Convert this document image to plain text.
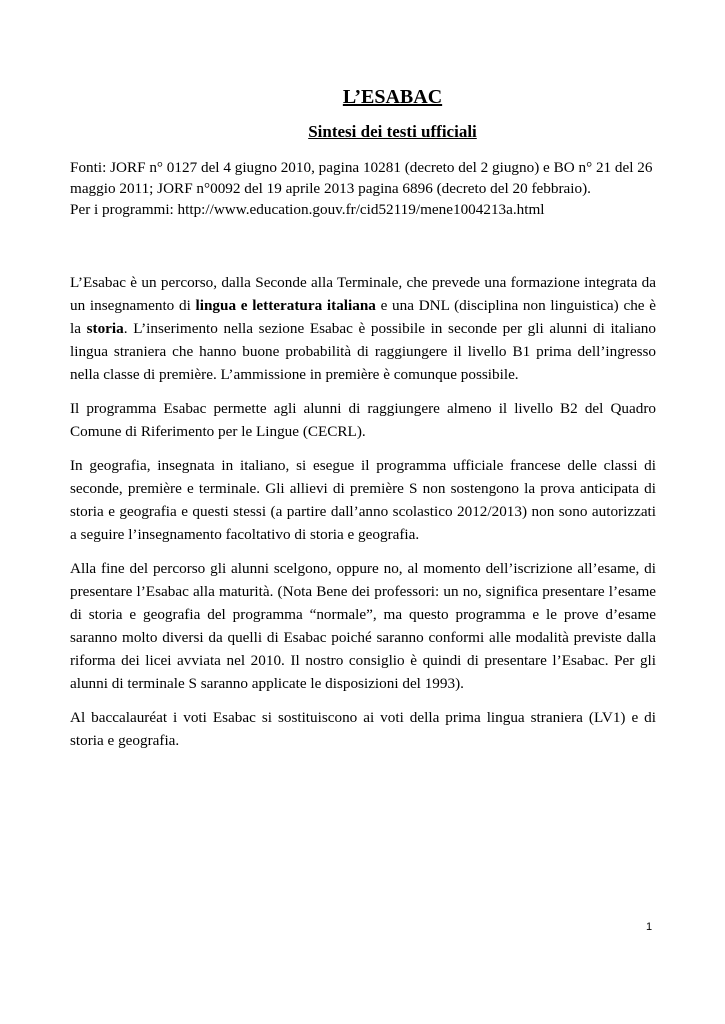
L’ESABAC
Sintesi dei testi ufficiali
Fonti: JORF n° 0127 del 4 giugno 2010, pagina 10281 (decreto del 2 giugno) e BO n° 21 del 26 maggio 2011; JORF n°0092 del 19 aprile 2013 pagina 6896 (decreto del 20 febbraio).
Per i programmi: http://www.education.gouv.fr/cid52119/mene1004213a.html

L’Esabac è un percorso, dalla Seconde alla Terminale, che prevede una formazione integrata da un insegnamento di lingua e letteratura italiana e una DNL (disciplina non linguistica) che è la storia. L’inserimento nella sezione Esabac è possibile in seconde per gli alunni di italiano lingua straniera che hanno buone probabilità di raggiungere il livello B1 prima dell’ingresso nella classe di première. L’ammissione in première è comunque possibile.

Il programma Esabac permette agli alunni di raggiungere almeno il livello B2 del Quadro Comune di Riferimento per le Lingue (CECRL).

In geografia, insegnata in italiano, si esegue il programma ufficiale francese delle classi di seconde, première e terminale. Gli allievi di première S non sostengono la prova anticipata di storia e geografia e questi stessi (a partire dall’anno scolastico 2012/2013) non sono autorizzati a seguire l’insegnamento facoltativo di storia e geografia.

Alla fine del percorso gli alunni scelgono, oppure no, al momento dell’iscrizione all’esame, di presentare l’Esabac alla maturità. (Nota Bene dei professori: un no, significa presentare l’esame di storia e geografia del programma “normale”, ma questo programma e le prove d’esame saranno molto diversi da quelli di Esabac poiché saranno conformi alle modalità previste dalla riforma dei licei avviata nel 2010. Il nostro consiglio è quindi di presentare l’Esabac. Per gli alunni di terminale S saranno applicate le disposizioni del 1993).

Al baccalauréat i voti Esabac si sostituiscono ai voti della prima lingua straniera (LV1) e di storia e geografia.

1
